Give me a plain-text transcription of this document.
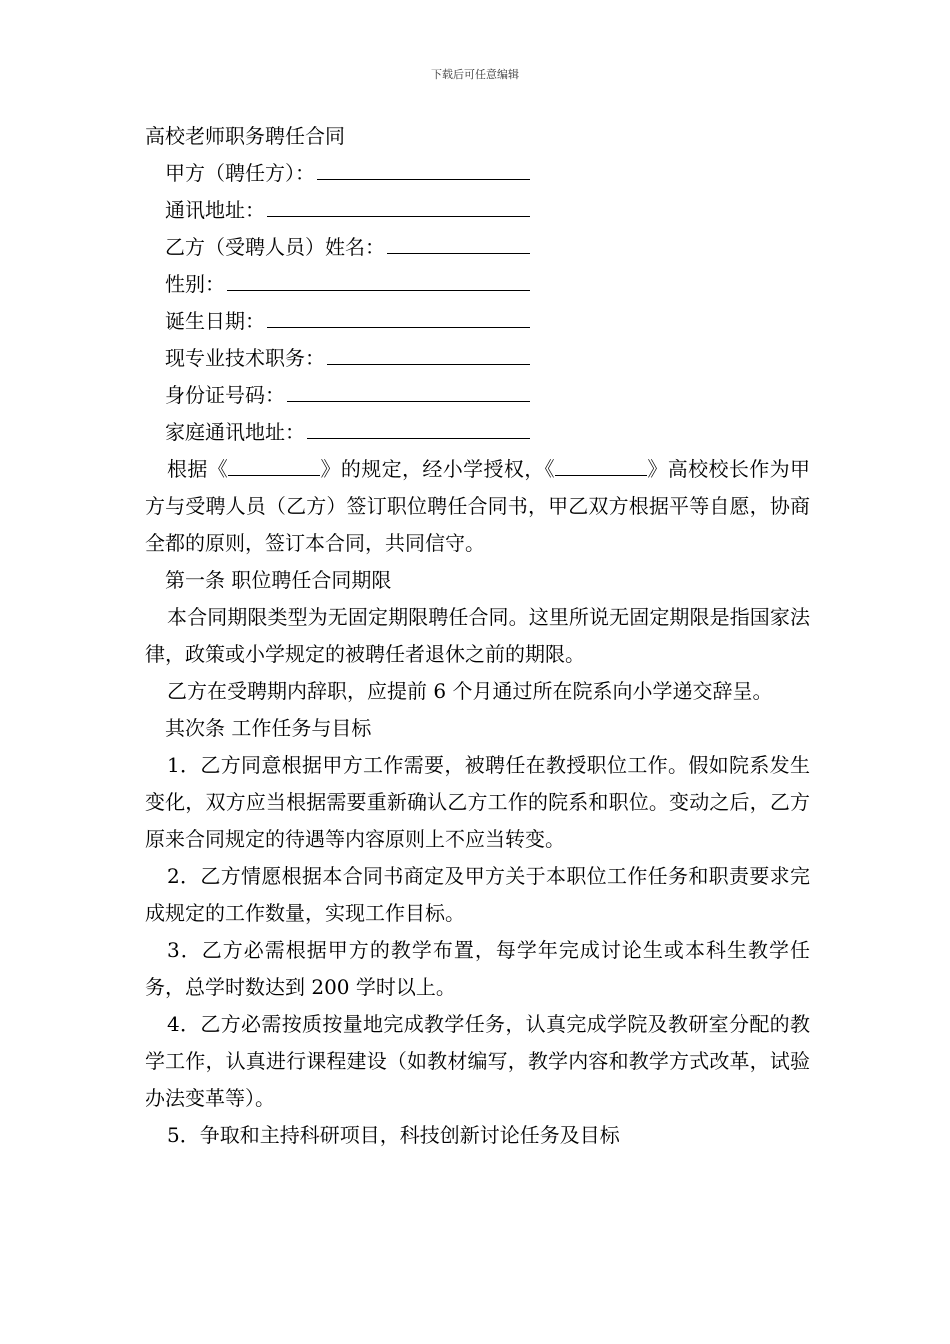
下载后可任意编辑
高校老师职务聘任合同
甲方（聘任方）：
通讯地址：
乙方（受聘人员）姓名：
性别：
诞生日期：
现专业技术职务：
身份证号码：
家庭通讯地址：
根据《	》的规定，经小学授权，《	》高校校长作为甲方与受聘人员（乙方）签订职位聘任合同书，甲乙双方根据平等自愿，协商全都的原则，签订本合同，共同信守。
第一条 职位聘任合同期限
本合同期限类型为无固定期限聘任合同。这里所说无固定期限是指国家法律，政策或小学规定的被聘任者退休之前的期限。
乙方在受聘期内辞职，应提前 6 个月通过所在院系向小学递交辞呈。
其次条 工作任务与目标
1．乙方同意根据甲方工作需要，被聘任在教授职位工作。假如院系发生变化，双方应当根据需要重新确认乙方工作的院系和职位。变动之后，乙方原来合同规定的待遇等内容原则上不应当转变。
2．乙方情愿根据本合同书商定及甲方关于本职位工作任务和职责要求完成规定的工作数量，实现工作目标。
3．乙方必需根据甲方的教学布置，每学年完成讨论生或本科生教学任务，总学时数达到 200 学时以上。
4．乙方必需按质按量地完成教学任务，认真完成学院及教研室分配的教学工作，认真进行课程建设（如教材编写，教学内容和教学方式改革，试验办法变革等）。
5．争取和主持科研项目，科技创新讨论任务及目标
